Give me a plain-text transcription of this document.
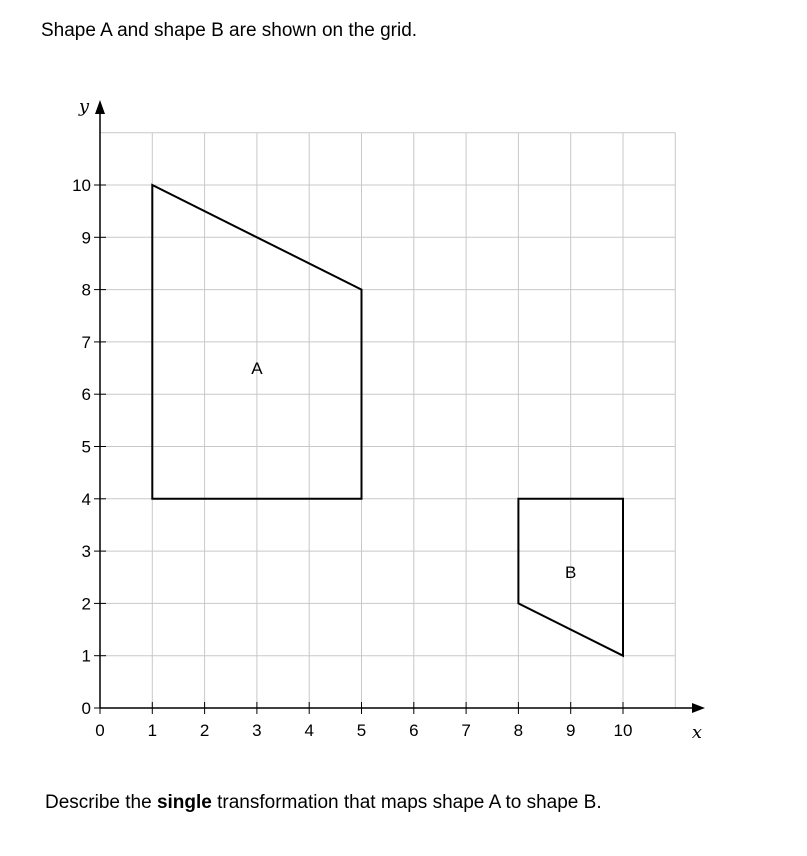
Shape A and shape B are shown on the grid.
x
y
0	1	2	3	4	5	6	7	8	9 10
0
1
2
3
4
5
6
7
8
9
10
A
B
Describe the single transformation that maps shape A to shape B.
